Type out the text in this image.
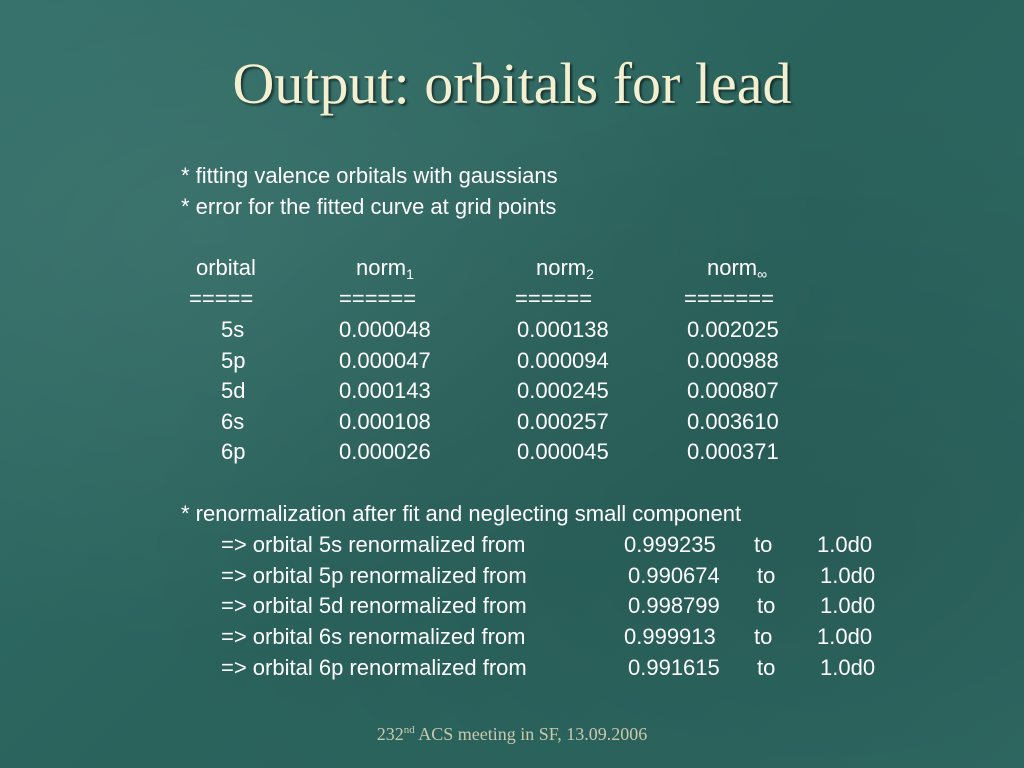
Output: orbitals for lead
* fitting valence orbitals with gaussians
* error for the fitted curve at grid points
orbital	norm$_1$	norm$_2$	norm$_\infty$
=====	======	======	=======
5s	0.000048	0.000138	0.002025
5p	0.000047	0.000094	0.000988
5d	0.000143	0.000245	0.000807
6s	0.000108	0.000257	0.003610
6p	0.000026	0.000045	0.000371
* renormalization after fit and neglecting small component
=> orbital 5s renormalized from	0.999235 to 1.0d0
=> orbital 5p renormalized from	0.990674 to 1.0d0
=> orbital 5d renormalized from	0.998799 to 1.0d0
=> orbital 6s renormalized from	0.999913 to 1.0d0
=> orbital 6p renormalized from	0.991615 to 1.0d0
232nd ACS meeting in SF, 13.09.2006
